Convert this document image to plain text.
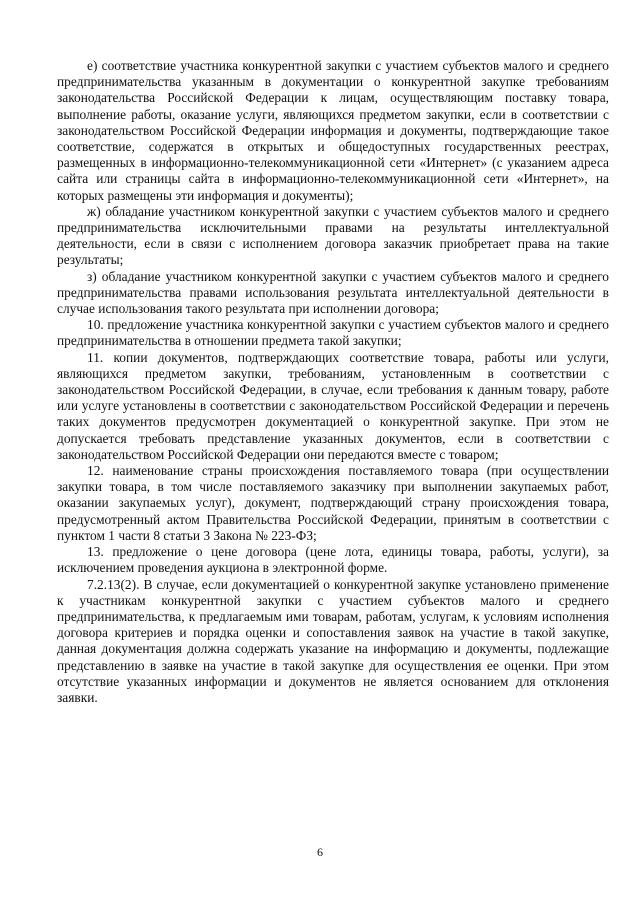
е) соответствие участника конкурентной закупки с участием субъектов малого и среднего предпринимательства указанным в документации о конкурентной закупке требованиям законодательства Российской Федерации к лицам, осуществляющим поставку товара, выполнение работы, оказание услуги, являющихся предметом закупки, если в соответствии с законодательством Российской Федерации информация и документы, подтверждающие такое соответствие, содержатся в открытых и общедоступных государственных реестрах, размещенных в информационно-телекоммуникационной сети «Интернет» (с указанием адреса сайта или страницы сайта в информационно-телекоммуникационной сети «Интернет», на которых размещены эти информация и документы);

ж) обладание участником конкурентной закупки с участием субъектов малого и среднего предпринимательства исключительными правами на результаты интеллектуальной деятельности, если в связи с исполнением договора заказчик приобретает права на такие результаты;

з) обладание участником конкурентной закупки с участием субъектов малого и среднего предпринимательства правами использования результата интеллектуальной деятельности в случае использования такого результата при исполнении договора;

10. предложение участника конкурентной закупки с участием субъектов малого и среднего предпринимательства в отношении предмета такой закупки;

11. копии документов, подтверждающих соответствие товара, работы или услуги, являющихся предметом закупки, требованиям, установленным в соответствии с законодательством Российской Федерации, в случае, если требования к данным товару, работе или услуге установлены в соответствии с законодательством Российской Федерации и перечень таких документов предусмотрен документацией о конкурентной закупке. При этом не допускается требовать представление указанных документов, если в соответствии с законодательством Российской Федерации они передаются вместе с товаром;

12. наименование страны происхождения поставляемого товара (при осуществлении закупки товара, в том числе поставляемого заказчику при выполнении закупаемых работ, оказании закупаемых услуг), документ, подтверждающий страну происхождения товара, предусмотренный актом Правительства Российской Федерации, принятым в соответствии с пунктом 1 части 8 статьи 3 Закона № 223-ФЗ;

13. предложение о цене договора (цене лота, единицы товара, работы, услуги), за исключением проведения аукциона в электронной форме.

7.2.13(2). В случае, если документацией о конкурентной закупке установлено применение к участникам конкурентной закупки с участием субъектов малого и среднего предпринимательства, к предлагаемым ими товарам, работам, услугам, к условиям исполнения договора критериев и порядка оценки и сопоставления заявок на участие в такой закупке, данная документация должна содержать указание на информацию и документы, подлежащие представлению в заявке на участие в такой закупке для осуществления ее оценки. При этом отсутствие указанных информации и документов не является основанием для отклонения заявки.

6
